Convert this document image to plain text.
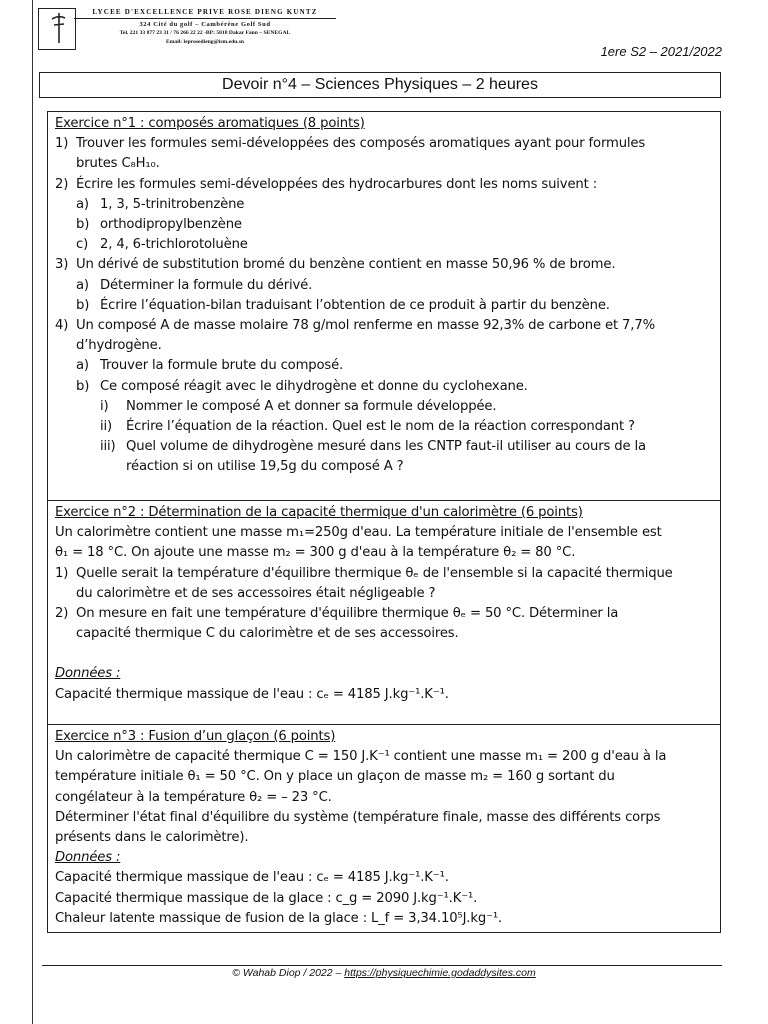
LYCEE D'EXCELLENCE PRIVE ROSE DIENG KUNTZ
324 Cité du golf – Cambérène Golf Sud
Tel. 221 33 877 23 31 / 76 266 22 22 -BP: 5018 Dakar Fann – SENEGAL
Email: leprosedieng@ism.edu.sn
1ere S2 – 2021/2022
Devoir n°4 – Sciences Physiques – 2 heures
Exercice n°1 : composés aromatiques (8 points)
1) Trouver les formules semi-développées des composés aromatiques ayant pour formules
brutes C₈H₁₀.
2) Écrire les formules semi-développées des hydrocarbures dont les noms suivent :
a) 1, 3, 5-trinitrobenzène
b) orthodipropylbenzène
c) 2, 4, 6-trichlorotoluène
3) Un dérivé de substitution bromé du benzène contient en masse 50,96 % de brome.
a) Déterminer la formule du dérivé.
b) Écrire l’équation-bilan traduisant l’obtention de ce produit à partir du benzène.
4) Un composé A de masse molaire 78 g/mol renferme en masse 92,3% de carbone et 7,7%
d’hydrogène.
a) Trouver la formule brute du composé.
b) Ce composé réagit avec le dihydrogène et donne du cyclohexane.
i)	Nommer le composé A et donner sa formule développée.
ii)	Écrire l’équation de la réaction. Quel est le nom de la réaction correspondant ?
iii) Quel volume de dihydrogène mesuré dans les CNTP faut-il utiliser au cours de la
réaction si on utilise 19,5g du composé A ?
Exercice n°2 : Détermination de la capacité thermique d'un calorimètre (6 points)
Un calorimètre contient une masse m₁=250g d'eau. La température initiale de l'ensemble est
θ₁ = 18 °C. On ajoute une masse m₂ = 300 g d'eau à la température θ₂ = 80 °C.
1) Quelle serait la température d'équilibre thermique θₑ de l'ensemble si la capacité thermique
du calorimètre et de ses accessoires était négligeable ?
2) On mesure en fait une température d'équilibre thermique θₑ = 50 °C. Déterminer la
capacité thermique C du calorimètre et de ses accessoires.
Données :
Capacité thermique massique de l'eau : cₑ = 4185 J.kg⁻¹.K⁻¹.
Exercice n°3 : Fusion d’un glaçon (6 points)
Un calorimètre de capacité thermique C = 150 J.K⁻¹ contient une masse m₁ = 200 g d'eau à la
température initiale θ₁ = 50 °C. On y place un glaçon de masse m₂ = 160 g sortant du
congélateur à la température θ₂ = – 23 °C.
Déterminer l'état final d'équilibre du système (température finale, masse des différents corps
présents dans le calorimètre).
Données :
Capacité thermique massique de l'eau : cₑ = 4185 J.kg⁻¹.K⁻¹.
Capacité thermique massique de la glace : c_g = 2090 J.kg⁻¹.K⁻¹.
Chaleur latente massique de fusion de la glace : L_f = 3,34.10⁵J.kg⁻¹.
© Wahab Diop / 2022 – https://physiquechimie.godaddysites.com
